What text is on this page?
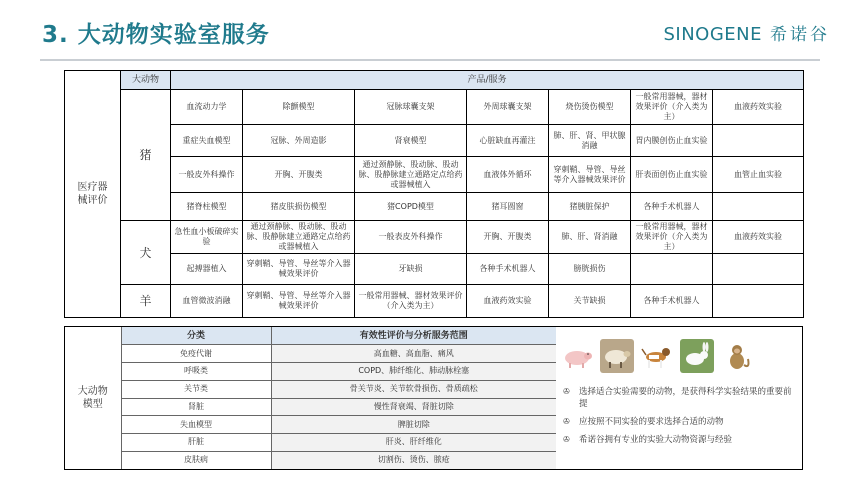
3. 大动物实验室服务	SINOGENE 希诺谷
医疗器械评价	大动物	产品/服务						
	猪	血流动力学	除颤模型	冠脉球囊支架	外周球囊支架	烧伤烫伤模型	一般常用器械，器材效果评价（介入类为主）	血液药效实验
		重症失血模型	冠脉、外周造影	肾衰模型	心脏缺血再灌注	肺、肝、肾、甲状腺消融	胃内膜创伤止血实验	
		一般皮外科操作	开胸、开腹类	通过颈静脉、股动脉、股动脉、股静脉建立通路定点给药或器械植入	血液体外循环	穿刺鞘、导管、导丝等介入器械效果评价	肝表面创伤止血实验	血管止血实验
		猪脊柱模型	猪皮肤损伤模型	猪COPD模型	猪耳圆窗	猪胰脏保护	各种手术机器人	
	犬	急性血小板破碎实验	通过颈静脉、股动脉、股动脉、股静脉建立通路定点给药或器械植入	一般表皮外科操作	开胸、开腹类	肺、肝、肾消融	一般常用器械，器材效果评价（介入类为主）	血液药效实验
		起搏器植入	穿刺鞘、导管、导丝等介入器械效果评价	牙缺损	各种手术机器人	膀胱损伤		
	羊	血管微波消融	穿刺鞘、导管、导丝等介入器械效果评价	一般常用器械、器材效果评价（介入类为主）	血液药效实验	关节缺损	各种手术机器人	
大动物模型	分类	有效性评价与分析服务范围
	免疫代谢	高血糖、高血脂、痛风
	呼吸类	COPD、肺纤维化、肺动脉栓塞
	关节类	骨关节炎、关节软骨损伤、骨质疏松
	肾脏	慢性肾衰竭、肾脏切除
	失血模型	脾脏切除
	肝脏	肝炎、肝纤维化
	皮肤病	切割伤、烫伤、脓疮
✇ 选择适合实验需要的动物，是获得科学实验结果的重要前提
✇ 应按照不同实验的要求选择合适的动物
✇ 希诺谷拥有专业的实验大动物资源与经验
